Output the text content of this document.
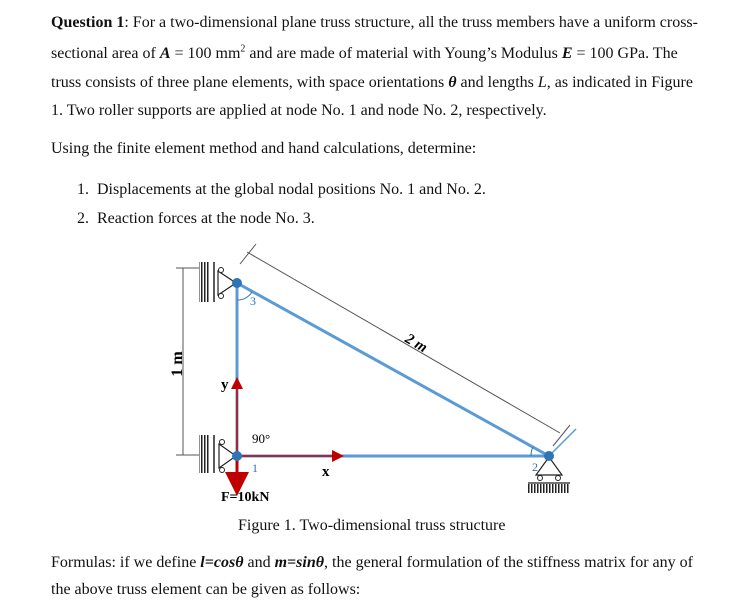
Question 1: For a two-dimensional plane truss structure, all the truss members have a uniform cross-
sectional area of A = 100 $mm^2$ and are made of material with Young’s Modulus E = 100 GPa. The
truss consists of three plane elements, with space orientations θ and lengths L, as indicated in Figure
1. Two roller supports are applied at node No. 1 and node No. 2, respectively.
Using the finite element method and hand calculations, determine:
1. Displacements at the global nodal positions No. 1 and No. 2.
2. Reaction forces at the node No. 3.
1 m
2 m
y
x
F=10kN
90°
3
1	2
Figure 1. Two-dimensional truss structure
Formulas: if we define l=cosθ and m=sinθ, the general formulation of the stiffness matrix for any of
the above truss element can be given as follows:
